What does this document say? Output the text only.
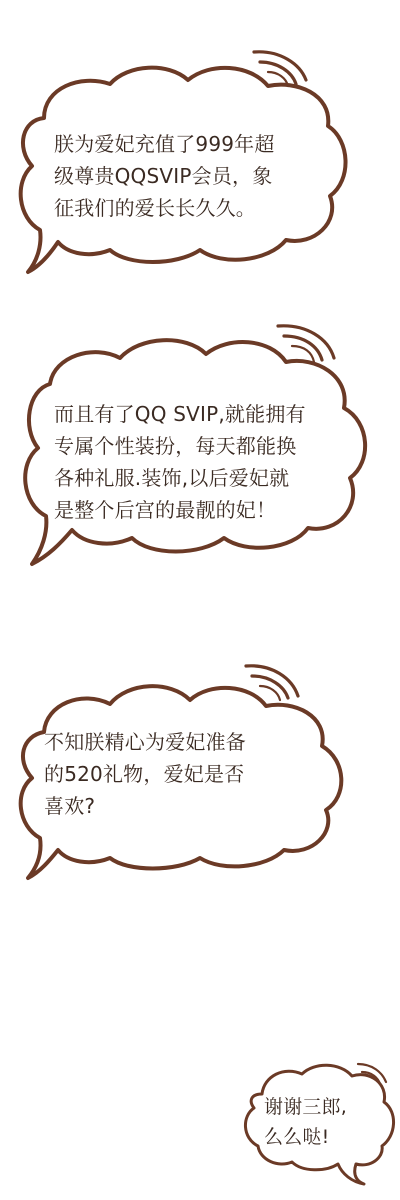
朕为爱妃充值了999年超
级尊贵QQSVIP会员，象
征我们的爱长长久久。
而且有了QQ SVIP,就能拥有
专属个性装扮，每天都能换
各种礼服.装饰,以后爱妃就
是整个后宫的最靓的妃！
不知朕精心为爱妃准备
的520礼物，爱妃是否
喜欢?
谢谢三郎,
么么哒!
